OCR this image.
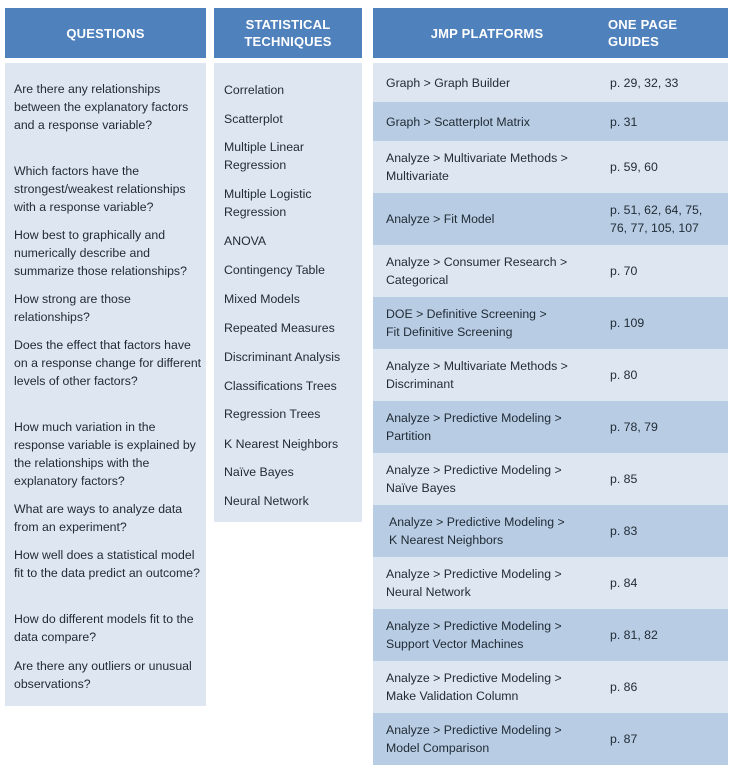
QUESTIONS
STATISTICAL
TECHNIQUES
JMP PLATFORMS
ONE PAGE
GUIDES

Are there any relationships between the explanatory factors and a response variable?

Which factors have the strongest/weakest relationships with a response variable?

How best to graphically and numerically describe and summarize those relationships?

How strong are those relationships?

Does the effect that factors have on a response change for different levels of other factors?

How much variation in the response variable is explained by the relationships with the explanatory factors?

What are ways to analyze data from an experiment?

How well does a statistical model fit to the data predict an outcome?

How do different models fit to the data compare?

Are there any outliers or unusual observations?

Correlation

Scatterplot

Multiple Linear Regression

Multiple Logistic Regression

ANOVA

Contingency Table

Mixed Models

Repeated Measures

Discriminant Analysis

Classifications Trees

Regression Trees

K Nearest Neighbors

Naïve Bayes

Neural Network

Graph > Graph Builder	p. 29, 32, 33
Graph > Scatterplot Matrix	p. 31
Analyze > Multivariate Methods >
Multivariate
p. 59, 60
Analyze > Fit Model
p. 51, 62, 64, 75,
76, 77, 105, 107
Analyze > Consumer Research >
Categorical
p. 70
DOE > Definitive Screening >
Fit Definitive Screening
p. 109
Analyze > Multivariate Methods >
Discriminant
p. 80
Analyze > Predictive Modeling >
Partition
p. 78, 79
Analyze > Predictive Modeling >
Naïve Bayes
p. 85
Analyze > Predictive Modeling >
K Nearest Neighbors
p. 83
Analyze > Predictive Modeling >
Neural Network
p. 84
Analyze > Predictive Modeling >
Support Vector Machines
p. 81, 82
Analyze > Predictive Modeling >
Make Validation Column
p. 86
Analyze > Predictive Modeling >
Model Comparison
p. 87
